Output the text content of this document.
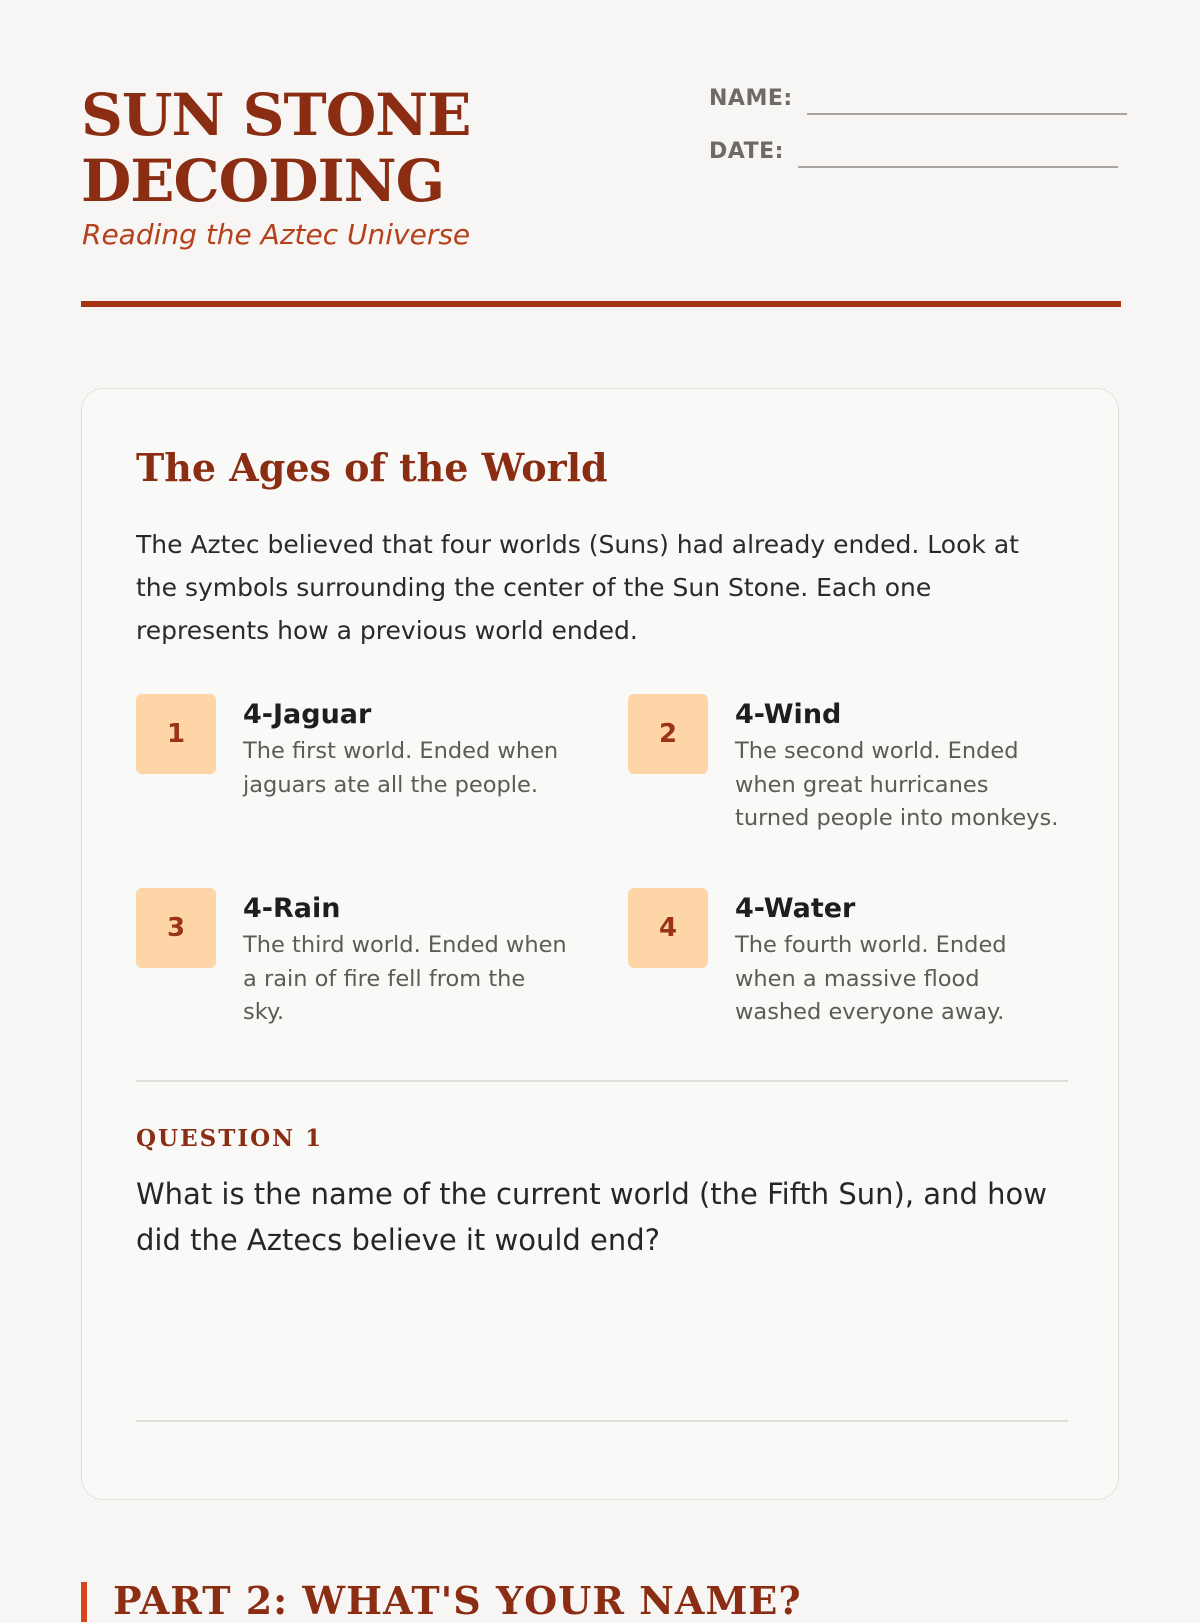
SUN STONE DECODING

Reading the Aztec Universe

NAME:
DATE:
The Ages of the World

The Aztec believed that four worlds (Suns) had already ended. Look at the symbols surrounding the center of the Sun Stone. Each one represents how a previous world ended.

1

4-Jaguar

The first world. Ended when jaguars ate all the people.

2

4-Wind

The second world. Ended when great hurricanes turned people into monkeys.

3

4-Rain

The third world. Ended when a rain of fire fell from the sky.

4

4-Water

The fourth world. Ended when a massive flood washed everyone away.

QUESTION 1

What is the name of the current world (the Fifth Sun), and how did the Aztecs believe it would end?

PART 2: WHAT'S YOUR NAME?
